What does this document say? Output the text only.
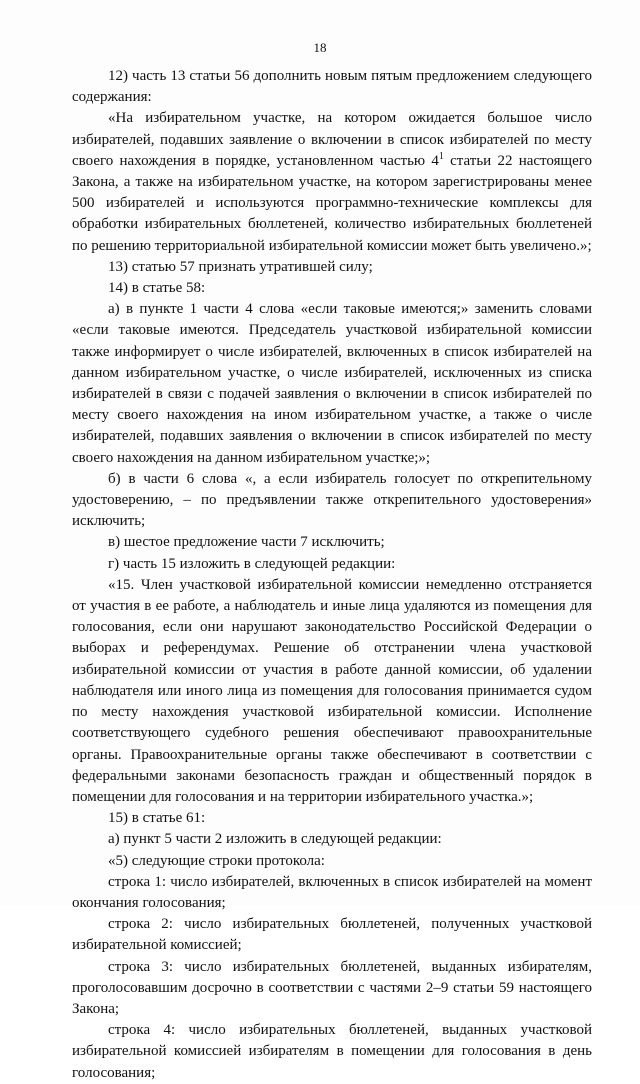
18

12) часть 13 статьи 56 дополнить новым пятым предложением следующего содержания:

«На избирательном участке, на котором ожидается большое число избирателей, подавших заявление о включении в список избирателей по месту своего нахождения в порядке, установленном частью $4^1$ статьи 22 настоящего Закона, а также на избирательном участке, на котором зарегистрированы менее 500 избирателей и используются программно-технические комплексы для обработки избирательных бюллетеней, количество избирательных бюллетеней по решению территориальной избирательной комиссии может быть увеличено.»;

13) статью 57 признать утратившей силу;

14) в статье 58:

а) в пункте 1 части 4 слова «если таковые имеются;» заменить словами «если таковые имеются. Председатель участковой избирательной комиссии также информирует о числе избирателей, включенных в список избирателей на данном избирательном участке, о числе избирателей, исключенных из списка избирателей в связи с подачей заявления о включении в список избирателей по месту своего нахождения на ином избирательном участке, а также о числе избирателей, подавших заявления о включении в список избирателей по месту своего нахождения на данном избирательном участке;»;

б) в части 6 слова «, а если избиратель голосует по открепительному удостоверению, – по предъявлении также открепительного удостоверения» исключить;

в) шестое предложение части 7 исключить;

г) часть 15 изложить в следующей редакции:

«15. Член участковой избирательной комиссии немедленно отстраняется от участия в ее работе, а наблюдатель и иные лица удаляются из помещения для голосования, если они нарушают законодательство Российской Федерации о выборах и референдумах. Решение об отстранении члена участковой избирательной комиссии от участия в работе данной комиссии, об удалении наблюдателя или иного лица из помещения для голосования принимается судом по месту нахождения участковой избирательной комиссии. Исполнение соответствующего судебного решения обеспечивают правоохранительные органы. Правоохранительные органы также обеспечивают в соответствии с федеральными законами безопасность граждан и общественный порядок в помещении для голосования и на территории избирательного участка.»;

15) в статье 61:

а) пункт 5 части 2 изложить в следующей редакции:

«5) следующие строки протокола:

строка 1: число избирателей, включенных в список избирателей на момент окончания голосования;

строка 2: число избирательных бюллетеней, полученных участковой избирательной комиссией;

строка 3: число избирательных бюллетеней, выданных избирателям, проголосовавшим досрочно в соответствии с частями 2–9 статьи 59 настоящего Закона;

строка 4: число избирательных бюллетеней, выданных участковой избирательной комиссией избирателям в помещении для голосования в день голосования;
